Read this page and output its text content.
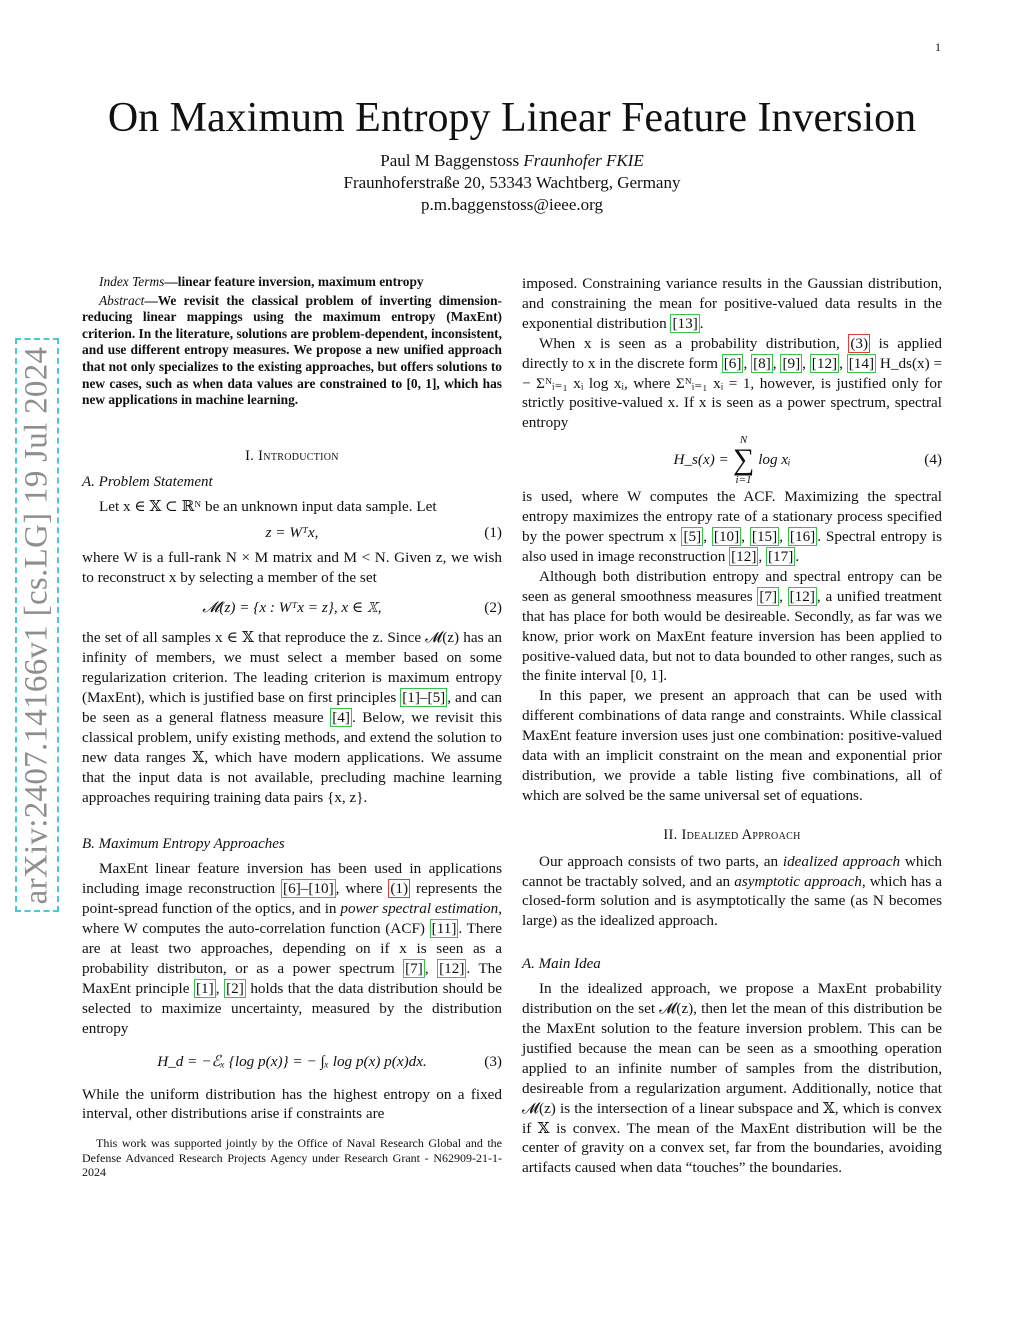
1
arXiv:2407.14166v1 [cs.LG] 19 Jul 2024
On Maximum Entropy Linear Feature Inversion
Paul M Baggenstoss Fraunhofer FKIE
Fraunhoferstraße 20, 53343 Wachtberg, Germany
p.m.baggenstoss@ieee.org

Index Terms—linear feature inversion, maximum entropy

Abstract—We revisit the classical problem of inverting dimension-reducing linear mappings using the maximum entropy (MaxEnt) criterion. In the literature, solutions are problem-dependent, inconsistent, and use different entropy measures. We propose a new unified approach that not only specializes to the existing approaches, but offers solutions to new cases, such as when data values are constrained to [0, 1], which has new applications in machine learning.

I. Introduction
A. Problem Statement

Let x ∈ 𝕏 ⊂ ℝᴺ be an unknown input data sample. Let

z = Wᵀx,	(1)

where W is a full-rank N × M matrix and M < N. Given z, we wish to reconstruct x by selecting a member of the set

𝓜(z) = {x : Wᵀx = z}, x ∈ 𝕏,	(2)

the set of all samples x ∈ 𝕏 that reproduce the z. Since 𝓜(z) has an infinity of members, we must select a member based on some regularization criterion. The leading criterion is maximum entropy (MaxEnt), which is justified base on first principles [1]–[5] , and can be seen as a general flatness measure [4] . Below, we revisit this classical problem, unify existing methods, and extend the solution to new data ranges 𝕏, which have modern applications. We assume that the input data is not available, precluding machine learning approaches requiring training data pairs {x, z}.

B. Maximum Entropy Approaches

MaxEnt linear feature inversion has been used in applications including image reconstruction [6]–[10] , where (1) represents the point-spread function of the optics, and in power spectral estimation, where W computes the auto-correlation function (ACF) [11] . There are at least two approaches, depending on if x is seen as a probability distributon, or as a power spectrum [7] , [12] . The MaxEnt principle [1] , [2] holds that the data distribution should be selected to maximize uncertainty, measured by the distribution entropy

H_d = −ℰₓ {log p(x)} = − ∫ₓ log p(x) p(x)dx.	(3)

While the uniform distribution has the highest entropy on a fixed interval, other distributions arise if constraints are

This work was supported jointly by the Office of Naval Research Global and the Defense Advanced Research Projects Agency under Research Grant - N62909-21-1-2024

imposed. Constraining variance results in the Gaussian distribution, and constraining the mean for positive-valued data results in the exponential distribution [13] .

When x is seen as a probability distribution, (3) is applied directly to x in the discrete form [6] , [8] , [9] , [12] , [14] H_ds(x) = − Σᴺᵢ₌₁ xᵢ log xᵢ, where Σᴺᵢ₌₁ xᵢ = 1, however, is justified only for strictly positive-valued x. If x is seen as a power spectrum, spectral entropy

H_s(x) =
N
∑
i=1
log xᵢ	(4)

is used, where W computes the ACF. Maximizing the spectral entropy maximizes the entropy rate of a stationary process specified by the power spectrum x [5] , [10] , [15] , [16] . Spectral entropy is also used in image reconstruction [12] , [17] .

Although both distribution entropy and spectral entropy can be seen as general smoothness measures [7] , [12] , a unified treatment that has place for both would be desireable. Secondly, as far was we know, prior work on MaxEnt feature inversion has been applied to positive-valued data, but not to data bounded to other ranges, such as the finite interval [0, 1].

In this paper, we present an approach that can be used with different combinations of data range and constraints. While classical MaxEnt feature inversion uses just one combination: positive-valued data with an implicit constraint on the mean and exponential prior distribution, we provide a table listing five combinations, all of which are solved be the same universal set of equations.

II. Idealized Approach

Our approach consists of two parts, an idealized approach which cannot be tractably solved, and an asymptotic approach, which has a closed-form solution and is asymptotically the same (as N becomes large) as the idealized approach.

A. Main Idea

In the idealized approach, we propose a MaxEnt probability distribution on the set 𝓜(z), then let the mean of this distribution be the MaxEnt solution to the feature inversion problem. This can be justified because the mean can be seen as a smoothing operation applied to an infinite number of samples from the distribution, desireable from a regularization argument. Additionally, notice that 𝓜(z) is the intersection of a linear subspace and 𝕏, which is convex if 𝕏 is convex. The mean of the MaxEnt distribution will be the center of gravity on a convex set, far from the boundaries, avoiding artifacts caused when data “touches” the boundaries.
